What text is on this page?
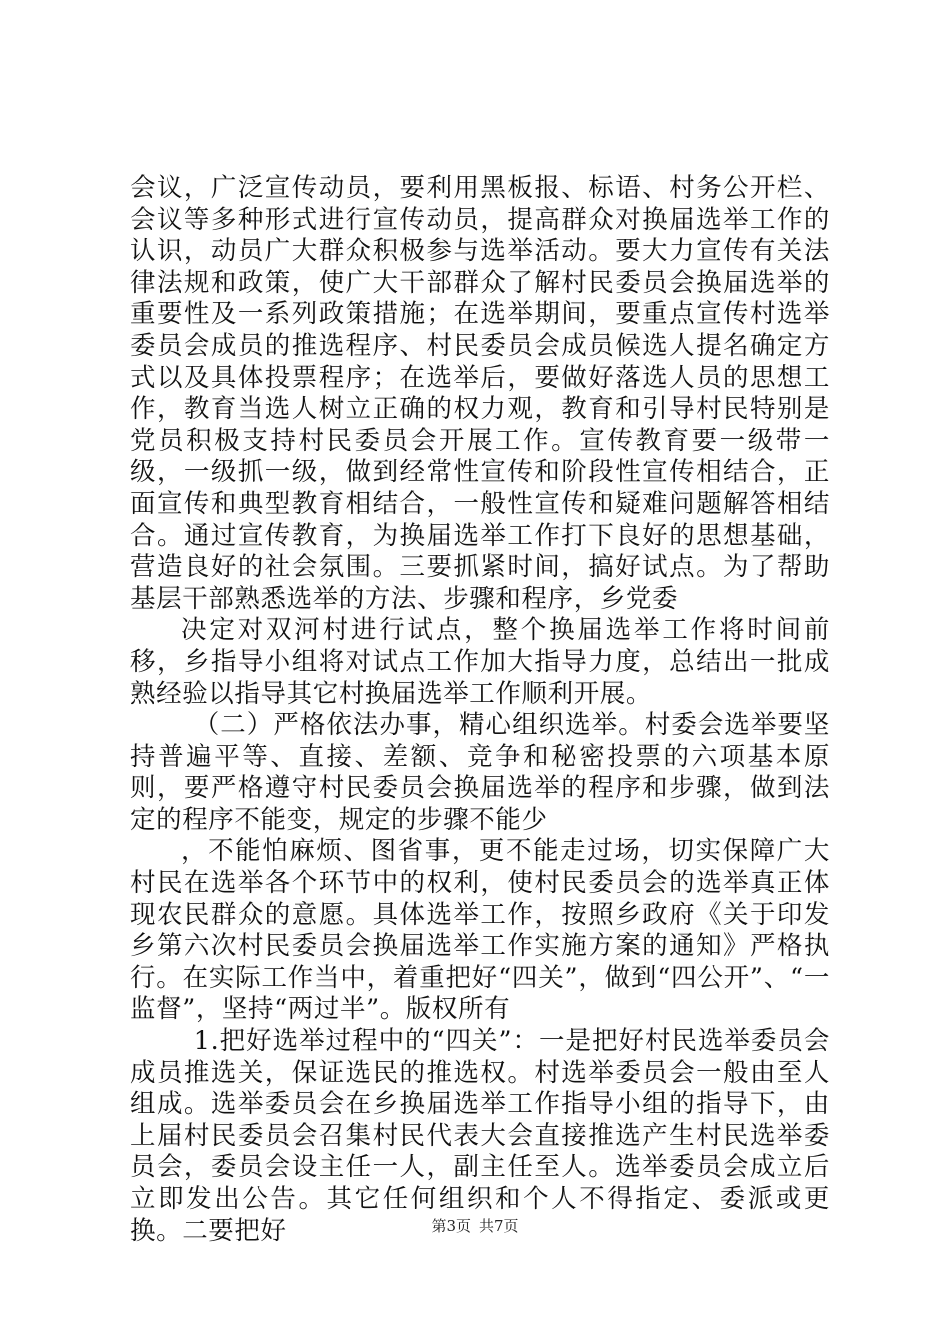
会议，广泛宣传动员，要利用黑板报、标语、村务公开栏、会议等多种形式进行宣传动员，提高群众对换届选举工作的认识，动员广大群众积极参与选举活动。要大力宣传有关法律法规和政策，使广大干部群众了解村民委员会换届选举的重要性及一系列政策措施；在选举期间，要重点宣传村选举委员会成员的推选程序、村民委员会成员候选人提名确定方式以及具体投票程序；在选举后，要做好落选人员的思想工作，教育当选人树立正确的权力观，教育和引导村民特别是党员积极支持村民委员会开展工作。宣传教育要一级带一级，一级抓一级，做到经常性宣传和阶段性宣传相结合，正面宣传和典型教育相结合，一般性宣传和疑难问题解答相结合。通过宣传教育，为换届选举工作打下良好的思想基础，营造良好的社会氛围。三要抓紧时间，搞好试点。为了帮助基层干部熟悉选举的方法、步骤和程序，乡党委

决定对双河村进行试点，整个换届选举工作将时间前移，乡指导小组将对试点工作加大指导力度，总结出一批成熟经验以指导其它村换届选举工作顺利开展。

（二）严格依法办事，精心组织选举。村委会选举要坚持普遍平等、直接、差额、竞争和秘密投票的六项基本原则，要严格遵守村民委员会换届选举的程序和步骤，做到法定的程序不能变，规定的步骤不能少

，不能怕麻烦、图省事，更不能走过场，切实保障广大村民在选举各个环节中的权利，使村民委员会的选举真正体现农民群众的意愿。具体选举工作，按照乡政府《关于印发乡第六次村民委员会换届选举工作实施方案的通知》严格执行。在实际工作当中，着重把好“四关”，做到“四公开”、“一监督”，坚持“两过半”。版权所有

1.把好选举过程中的“四关”：一是把好村民选举委员会成员推选关，保证选民的推选权。村选举委员会一般由至人组成。选举委员会在乡换届选举工作指导小组的指导下，由上届村民委员会召集村民代表大会直接推选产生村民选举委员会，委员会设主任一人，副主任至人。选举委员会成立后立即发出公告。其它任何组织和个人不得指定、委派或更换。二要把好	第3页 共7页
